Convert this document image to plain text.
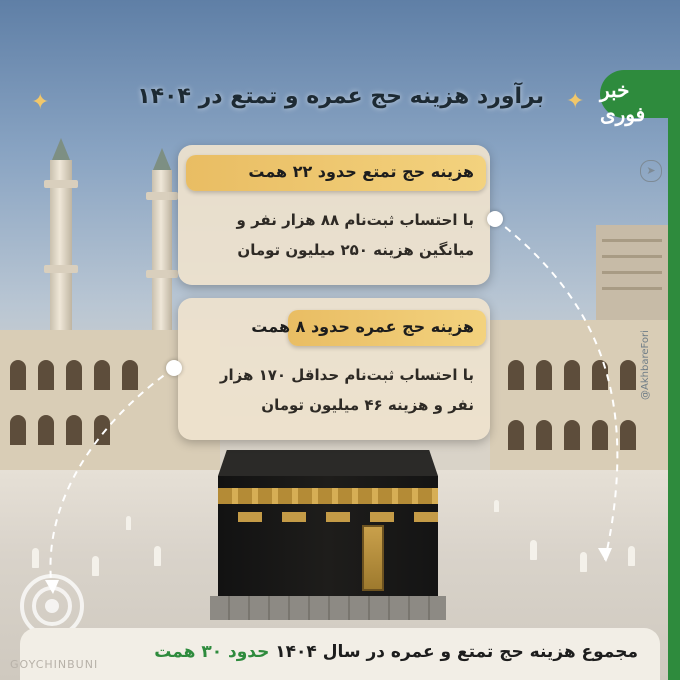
✦
برآورد هزینه حج عمره و تمتع در ۱۴۰۴
✦	خبر فوری
➤
@AkhbareFori
هزینه حج تمتع حدود ۲۲ همت
با احتساب ثبت‌نام ۸۸ هزار نفر و
میانگین هزینه ۲۵۰ میلیون تومان
هزینه حج عمره حدود ۸ همت
با احتساب ثبت‌نام حداقل ۱۷۰ هزار
نفر و هزینه ۴۶ میلیون تومان
مجموع هزینه حج تمتع و عمره در سال ۱۴۰۴ حدود ۳۰ همت
GOYCHINBUNI
